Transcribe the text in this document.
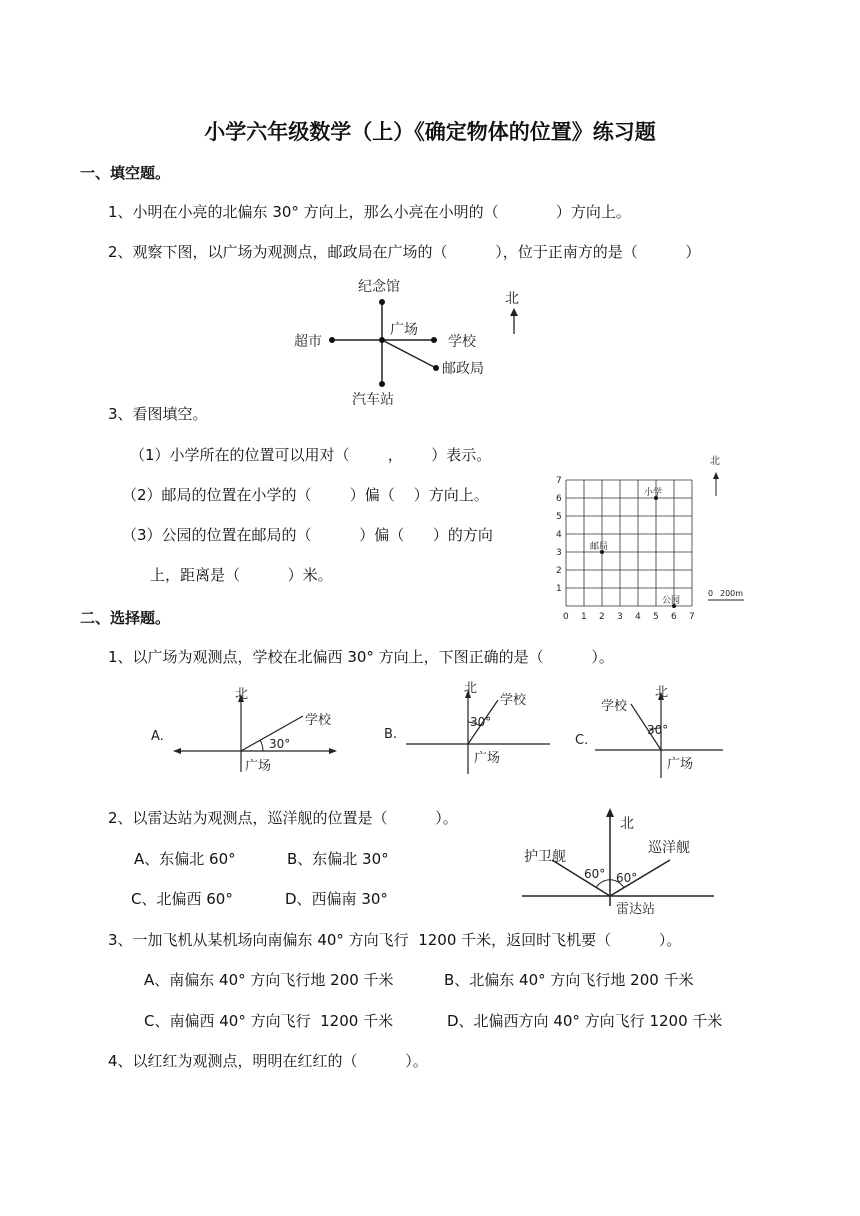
小学六年级数学（上）《确定物体的位置》练习题
一、填空题。
1、小明在小亮的北偏东 30° 方向上，那么小亮在小明的（            ）方向上。
2、观察下图，以广场为观测点，邮政局在广场的（          ），位于正南方的是（          ）
纪念馆
超市
广场
学校
邮政局
汽车站
北
3、看图填空。
（1）小学所在的位置可以用对（        ，      ）表示。
（2）邮局的位置在小学的（        ）偏（    ）方向上。
（3）公园的位置在邮局的（          ）偏（      ）的方向
上，距离是（          ）米。
0 1 2 3 4 5 6 7
1
2
3
4
5
6
7
小学
邮局
公园
北
0 200m
二、选择题。
1、以广场为观测点，学校在北偏西 30° 方向上，下图正确的是（          ）。
A.
北
学校
30°
广场
B.
北
学校
30°
广场
C.
北
学校
30°
广场
2、以雷达站为观测点，巡洋舰的位置是（          ）。
A、东偏北 60°	B、东偏北 30°
C、北偏西 60°	D、西偏南 30°
北
护卫舰
巡洋舰
60° 60°
雷达站
3、一加飞机从某机场向南偏东 40° 方向飞行  1200 千米，返回时飞机要（          ）。
A、南偏东 40° 方向飞行地 200 千米	B、北偏东 40° 方向飞行地 200 千米
C、南偏西 40° 方向飞行  1200 千米	D、北偏西方向 40° 方向飞行 1200 千米
4、以红红为观测点，明明在红红的（          ）。
